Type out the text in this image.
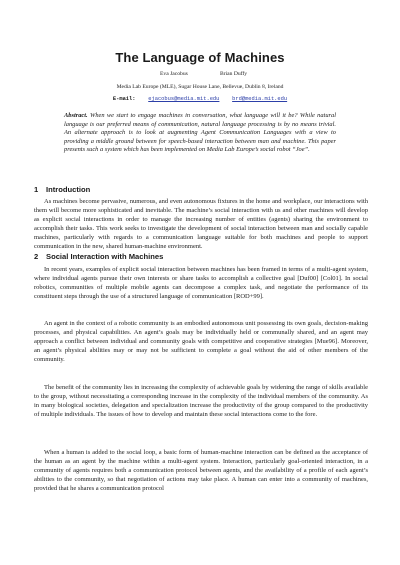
The Language of Machines
Eva Jacobus	Brian Duffy
Media Lab Europe (MLE), Sugar House Lane, Bellevue, Dublin 8, Ireland
E-mail: ejacobus@media.mit.edu brd@media.mit.edu
Abstract. When we start to engage machines in conversation, what language will it be? While natural language is our preferred means of communication, natural language processing is by no means trivial. An alternate approach is to look at augmenting Agent Communication Languages with a view to providing a middle ground between for speech-based interaction between man and machine. This paper presents such a system which has been implemented on Media Lab Europe’s social robot “Joe”.
1 Introduction

As machines become pervasive, numerous, and even autonomous fixtures in the home and workplace, our interactions with them will become more sophisticated and inevitable. The machine’s social interaction with us and other machines will develop as explicit social interactions in order to manage the increasing number of entities (agents) sharing the environment to accomplish their tasks. This work seeks to investigate the development of social interaction between man and socially capable machines, particularly with regards to a communication language suitable for both machines and people to support communication in the new, shared human-machine environment.

2 Social Interaction with Machines

In recent years, examples of explicit social interaction between machines has been framed in terms of a multi-agent system, where individual agents pursue their own interests or share tasks to accomplish a collective goal [Duf00] [Col01]. In social robotics, communities of multiple mobile agents can decompose a complex task, and negotiate the performance of its constituent steps through the use of a structured language of communication [ROD+99].

An agent in the context of a robotic community is an embodied autonomous unit possessing its own goals, decision-making processes, and physical capabilities. An agent’s goals may be individually held or communally shared, and an agent may approach a conflict between individual and community goals with competitive and cooperative strategies [Mue96]. Moreover, an agent’s physical abilities may or may not be sufficient to complete a goal without the aid of other members of the community.

The benefit of the community lies in increasing the complexity of achievable goals by widening the range of skills available to the group, without necessitating a corresponding increase in the complexity of the individual members of the community. As in many biological societies, delegation and specialization increase the productivity of the group compared to the productivity of multiple individuals. The issues of how to develop and maintain these social interactions come to the fore.

When a human is added to the social loop, a basic form of human-machine interaction can be defined as the acceptance of the human as an agent by the machine within a multi-agent system. Interaction, particularly goal-oriented interaction, in a community of agents requires both a communication protocol between agents, and the availability of a profile of each agent’s abilities to the community, so that negotiation of actions may take place. A human can enter into a community of machines, provided that he shares a communication protocol
